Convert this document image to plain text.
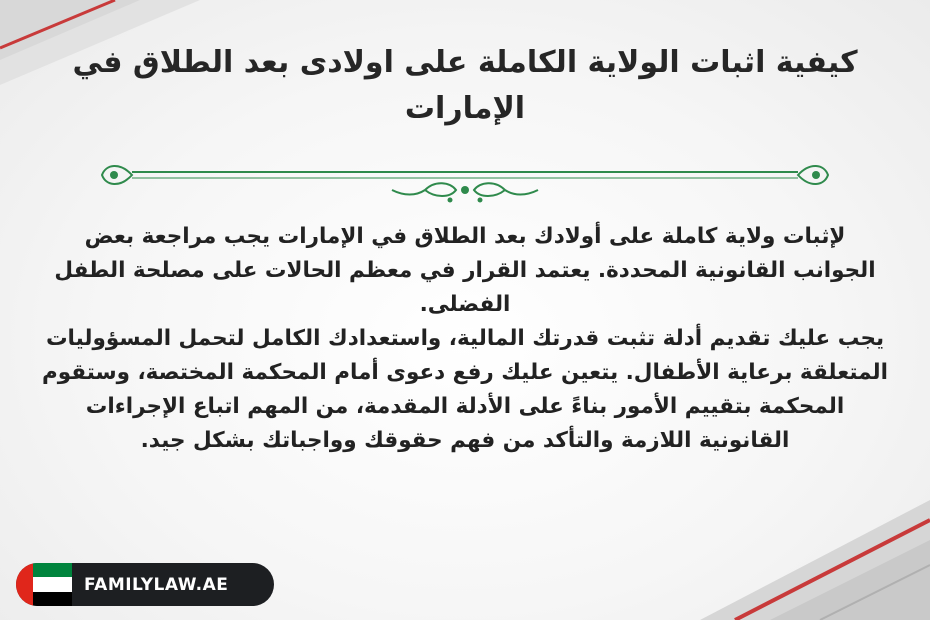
كيفية اثبات الولاية الكاملة على اولادى بعد الطلاق في الإمارات

لإثبات ولاية كاملة على أولادك بعد الطلاق في الإمارات يجب مراجعة بعض الجوانب القانونية المحددة. يعتمد القرار في معظم الحالات على مصلحة الطفل الفضلى.

يجب عليك تقديم أدلة تثبت قدرتك المالية، واستعدادك الكامل لتحمل المسؤوليات المتعلقة برعاية الأطفال. يتعين عليك رفع دعوى أمام المحكمة المختصة، وستقوم المحكمة بتقييم الأمور بناءً على الأدلة المقدمة، من المهم اتباع الإجراءات القانونية اللازمة والتأكد من فهم حقوقك وواجباتك بشكل جيد.

FAMILYLAW.AE
